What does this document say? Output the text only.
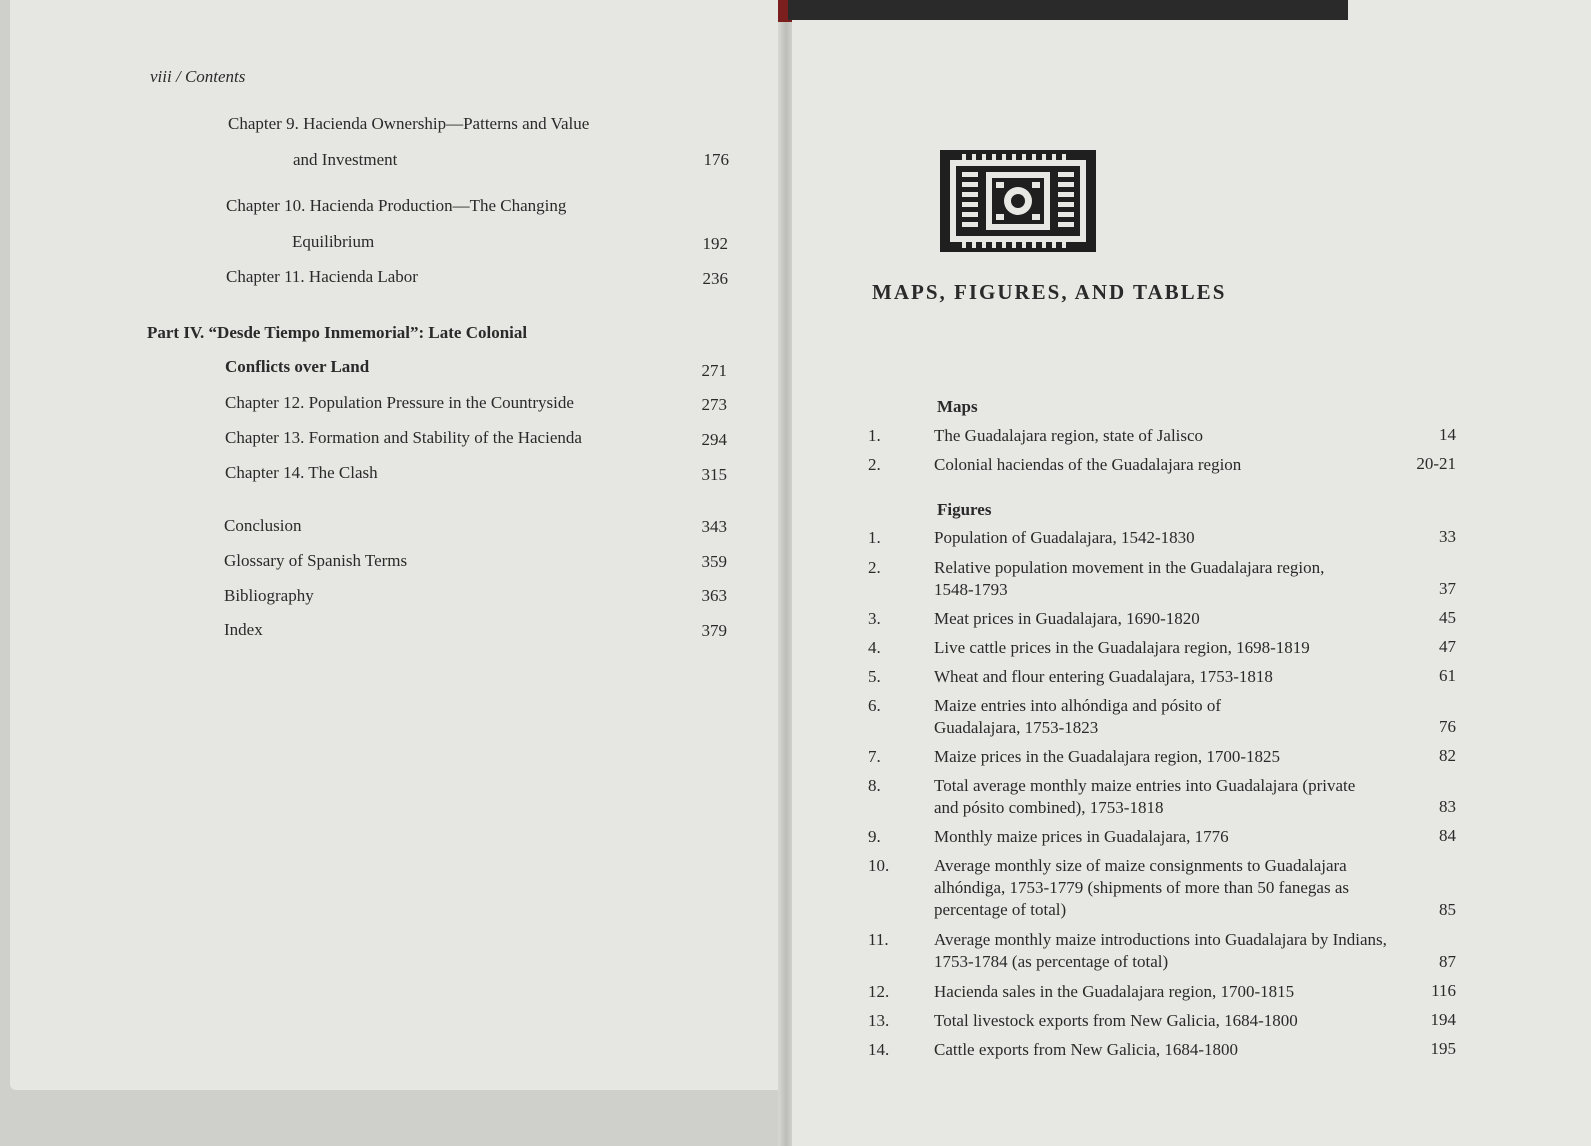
viii / Contents
Chapter 9. Hacienda Ownership—Patterns and Value
and Investment	176
Chapter 10. Hacienda Production—The Changing
Equilibrium	192
Chapter 11. Hacienda Labor	236
Part IV. “Desde Tiempo Inmemorial”: Late Colonial
Conflicts over Land	271
Chapter 12. Population Pressure in the Countryside	273
Chapter 13. Formation and Stability of the Hacienda	294
Chapter 14. The Clash	315
Conclusion	343
Glossary of Spanish Terms	359
Bibliography	363
Index	379
MAPS, FIGURES, AND TABLES
Maps
1.	The Guadalajara region, state of Jalisco	14
2.	Colonial haciendas of the Guadalajara region	20-21
Figures
1.	Population of Guadalajara, 1542-1830	33
2.	Relative population movement in the Guadalajara region, 1548-1793	37
3.	Meat prices in Guadalajara, 1690-1820	45
4.	Live cattle prices in the Guadalajara region, 1698-1819	47
5.	Wheat and flour entering Guadalajara, 1753-1818	61
6.	Maize entries into alhóndiga and pósito of Guadalajara, 1753-1823	76
7.	Maize prices in the Guadalajara region, 1700-1825	82
8.	Total average monthly maize entries into Guadalajara (private and pósito combined), 1753-1818	83
9.	Monthly maize prices in Guadalajara, 1776	84
10.	Average monthly size of maize consignments to Guadalajara alhóndiga, 1753-1779 (shipments of more than 50 fanegas as percentage of total)	85
11.	Average monthly maize introductions into Guadalajara by Indians, 1753-1784 (as percentage of total)	87
12.	Hacienda sales in the Guadalajara region, 1700-1815	116
13.	Total livestock exports from New Galicia, 1684-1800	194
14.	Cattle exports from New Galicia, 1684-1800	195
